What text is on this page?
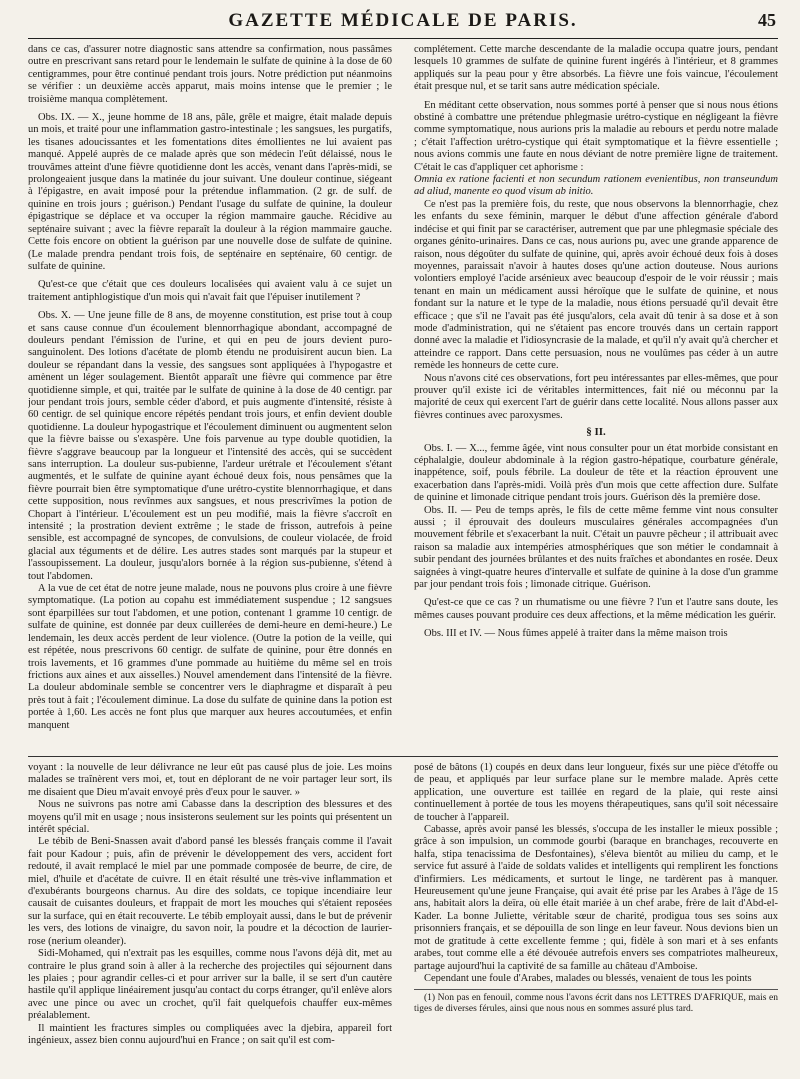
GAZETTE MÉDICALE DE PARIS.	45

dans ce cas, d'assurer notre diagnostic sans attendre sa confirmation, nous passâmes outre en prescrivant sans retard pour le lendemain le sulfate de quinine à la dose de 60 centigrammes, pour être continué pendant trois jours. Notre prédiction put néanmoins se vérifier : un deuxième accès apparut, mais moins intense que le premier ; le troisième manqua complètement.

Obs. IX. — X., jeune homme de 18 ans, pâle, grêle et maigre, était malade depuis un mois, et traité pour une inflammation gastro-intestinale ; les sangsues, les purgatifs, les tisanes adoucissantes et les fomentations dites émollientes ne lui avaient pas manqué. Appelé auprès de ce malade après que son médecin l'eût délaissé, nous le trouvâmes atteint d'une fièvre quotidienne dont les accès, venant dans l'après-midi, se prolongeaient jusque dans la matinée du jour suivant. Une douleur continue, siégeant à l'épigastre, en avait imposé pour la prétendue inflammation. (2 gr. de sulf. de quinine en trois jours ; guérison.) Pendant l'usage du sulfate de quinine, la douleur épigastrique se déplace et va occuper la région mammaire gauche. Récidive au septénaire suivant ; avec la fièvre reparaît la douleur à la région mammaire gauche. Cette fois encore on obtient la guérison par une nouvelle dose de sulfate de quinine. (Le malade prendra pendant trois fois, de septénaire en septénaire, 60 centigr. de sulfate de quinine.

Qu'est-ce que c'était que ces douleurs localisées qui avaient valu à ce sujet un traitement antiphlogistique d'un mois qui n'avait fait que l'épuiser inutilement ?

Obs. X. — Une jeune fille de 8 ans, de moyenne constitution, est prise tout à coup et sans cause connue d'un écoulement blennorrhagique abondant, accompagné de douleurs pendant l'émission de l'urine, et qui en peu de jours devient puro-sanguinolent. Des lotions d'acétate de plomb étendu ne produisirent aucun bien. La douleur se répandant dans la vessie, des sangsues sont appliquées à l'hypogastre et amènent un léger soulagement. Bientôt apparaît une fièvre qui commence par être quotidienne simple, et qui, traitée par le sulfate de quinine à la dose de 40 centigr. par jour pendant trois jours, semble céder d'abord, et puis augmente d'intensité, résiste à 60 centigr. de sel quinique encore répétés pendant trois jours, et enfin devient double quotidienne. La douleur hypogastrique et l'écoulement diminuent ou augmentent selon que la fièvre baisse ou s'exaspère. Une fois parvenue au type double quotidien, la fièvre s'aggrave beaucoup par la longueur et l'intensité des accès, qui se succèdent sans interruption. La douleur sus-pubienne, l'ardeur urétrale et l'écoulement s'étant augmentés, et le sulfate de quinine ayant échoué deux fois, nous pensâmes que la fièvre pourrait bien être symptomatique d'une urétro-cystite blennorrhagique, et dans cette supposition, nous revînmes aux sangsues, et nous prescrivîmes la potion de Chopart à l'intérieur. L'écoulement est un peu modifié, mais la fièvre s'accroît en intensité ; la prostration devient extrême ; le stade de frisson, autrefois à peine sensible, est accompagné de syncopes, de convulsions, de couleur violacée, de froid glacial aux téguments et de délire. Les autres stades sont marqués par la stupeur et l'assoupissement. La douleur, jusqu'alors bornée à la région sus-pubienne, s'étend à tout l'abdomen.

A la vue de cet état de notre jeune malade, nous ne pouvons plus croire à une fièvre symptomatique. (La potion au copahu est immédiatement suspendue ; 12 sangsues sont éparpillées sur tout l'abdomen, et une potion, contenant 1 gramme 10 centigr. de sulfate de quinine, est donnée par deux cuillerées de demi-heure en demi-heure.) Le lendemain, les deux accès perdent de leur violence. (Outre la potion de la veille, qui est répétée, nous prescrivons 60 centigr. de sulfate de quinine, pour être donnés en trois lavements, et 16 grammes d'une pommade au huitième du même sel en trois frictions aux aines et aux aisselles.) Nouvel amendement dans l'intensité de la fièvre. La douleur abdominale semble se concentrer vers le diaphragme et disparaît à peu près tout à fait ; l'écoulement diminue. La dose du sulfate de quinine dans la potion est portée à 1,60. Les accès ne font plus que marquer aux heures accoutumées, et enfin manquent

complétement. Cette marche descendante de la maladie occupa quatre jours, pendant lesquels 10 grammes de sulfate de quinine furent ingérés à l'intérieur, et 8 grammes appliqués sur la peau pour y être absorbés. La fièvre une fois vaincue, l'écoulement était presque nul, et se tarit sans autre médication spéciale.

En méditant cette observation, nous sommes porté à penser que si nous nous étions obstiné à combattre une prétendue phlegmasie urétro-cystique en négligeant la fièvre comme symptomatique, nous aurions pris la maladie au rebours et perdu notre malade ; c'était l'affection urétro-cystique qui était symptomatique et la fièvre essentielle ; nous avions commis une faute en nous déviant de notre première ligne de traitement. C'était le cas d'appliquer cet aphorisme :

Omnia ex ratione facienti et non secundum rationem evenientibus, non transeundum ad aliud, manente eo quod visum ab initio.

Ce n'est pas la première fois, du reste, que nous observons la blennorrhagie, chez les enfants du sexe féminin, marquer le début d'une affection générale d'abord indécise et qui finit par se caractériser, autrement que par une phlegmasie spéciale des organes génito-urinaires. Dans ce cas, nous aurions pu, avec une grande apparence de raison, nous dégoûter du sulfate de quinine, qui, après avoir échoué deux fois à doses moyennes, paraissait n'avoir à hautes doses qu'une action douteuse. Nous aurions volontiers employé l'acide arsénieux avec beaucoup d'espoir de le voir réussir ; mais tenant en main un médicament aussi héroïque que le sulfate de quinine, et nous fondant sur la nature et le type de la maladie, nous étions persuadé qu'il devait être efficace ; que s'il ne l'avait pas été jusqu'alors, cela avait dû tenir à sa dose et à son mode d'administration, qui ne s'étaient pas encore trouvés dans un certain rapport donné avec la maladie et l'idiosyncrasie de la malade, et qu'il n'y avait qu'à chercher et atteindre ce rapport. Dans cette persuasion, nous ne voulûmes pas céder à un autre remède les honneurs de cette cure.

Nous n'avons cité ces observations, fort peu intéressantes par elles-mêmes, que pour prouver qu'il existe ici de véritables intermittences, fait nié ou méconnu par la majorité de ceux qui exercent l'art de guérir dans cette localité. Nous allons passer aux fièvres continues avec paroxysmes.

§ II.

Obs. I. — X..., femme âgée, vint nous consulter pour un état morbide consistant en céphalalgie, douleur abdominale à la région gastro-hépatique, courbature générale, inappétence, soif, pouls fébrile. La douleur de tête et la réaction éprouvent une exacerbation dans l'après-midi. Voilà près d'un mois que cette affection dure. Sulfate de quinine et limonade citrique pendant trois jours. Guérison dès la première dose.

Obs. II. — Peu de temps après, le fils de cette même femme vint nous consulter aussi ; il éprouvait des douleurs musculaires générales accompagnées d'un mouvement fébrile et s'exacerbant la nuit. C'était un pauvre pêcheur ; il attribuait avec raison sa maladie aux intempéries atmosphériques que son métier le condamnait à subir pendant des journées brûlantes et des nuits fraîches et abondantes en rosée. Deux saignées à vingt-quatre heures d'intervalle et sulfate de quinine à la dose d'un gramme par jour pendant trois fois ; limonade citrique. Guérison.

Qu'est-ce que ce cas ? un rhumatisme ou une fièvre ? l'un et l'autre sans doute, les mêmes causes pouvant produire ces deux affections, et la même médication les guérir.

Obs. III et IV. — Nous fûmes appelé à traiter dans la même maison trois

voyant : la nouvelle de leur délivrance ne leur eût pas causé plus de joie. Les moins malades se traînèrent vers moi, et, tout en déplorant de ne voir partager leur sort, ils me disaient que Dieu m'avait envoyé près d'eux pour le sauver. »

Nous ne suivrons pas notre ami Cabasse dans la description des blessures et des moyens qu'il mit en usage ; nous insisterons seulement sur les points qui présentent un intérêt spécial.

Le tébib de Beni-Snassen avait d'abord pansé les blessés français comme il l'avait fait pour Kadour ; puis, afin de prévenir le développement des vers, accident fort redouté, il avait remplacé le miel par une pommade composée de beurre, de cire, de miel, d'huile et d'acétate de cuivre. Il en était résulté une très-vive inflammation et d'exubérants bourgeons charnus. Au dire des soldats, ce topique incendiaire leur causait de cuisantes douleurs, et frappait de mort les mouches qui s'étaient reposées sur la surface, qui en était recouverte. Le tébib employait aussi, dans le but de prévenir les vers, des lotions de vinaigre, du savon noir, la poudre et la décoction de laurier-rose (nerium oleander).

Sidi-Mohamed, qui n'extrait pas les esquilles, comme nous l'avons déjà dit, met au contraire le plus grand soin à aller à la recherche des projectiles qui séjournent dans les plaies ; pour agrandir celles-ci et pour arriver sur la balle, il se sert d'un cautère hastile qu'il applique linéairement jusqu'au contact du corps étranger, qu'il enlève alors avec une pince ou avec un crochet, qu'il fait quelquefois chauffer eux-mêmes préalablement.

Il maintient les fractures simples ou compliquées avec la djebira, appareil fort ingénieux, assez bien connu aujourd'hui en France ; on sait qu'il est com-

posé de bâtons (1) coupés en deux dans leur longueur, fixés sur une pièce d'étoffe ou de peau, et appliqués par leur surface plane sur le membre malade. Après cette application, une ouverture est taillée en regard de la plaie, qui reste ainsi continuellement à portée de tous les moyens thérapeutiques, sans qu'il soit nécessaire de toucher à l'appareil.

Cabasse, après avoir pansé les blessés, s'occupa de les installer le mieux possible ; grâce à son impulsion, un commode gourbi (baraque en branchages, recouverte en halfa, stipa tenacissima de Desfontaines), s'éleva bientôt au milieu du camp, et le service fut assuré à l'aide de soldats valides et intelligents qui remplirent les fonctions d'infirmiers. Les médicaments, et surtout le linge, ne tardèrent pas à manquer. Heureusement qu'une jeune Française, qui avait été prise par les Arabes à l'âge de 15 ans, habitait alors la deïra, où elle était mariée à un chef arabe, frère de lait d'Abd-el-Kader. La bonne Juliette, véritable sœur de charité, prodigua tous ses soins aux prisonniers français, et se dépouilla de son linge en leur faveur. Nous devions bien un mot de gratitude à cette excellente femme ; qui, fidèle à son mari et à ses enfants arabes, tout comme elle a été dévouée autrefois envers ses compatriotes malheureux, partage aujourd'hui la captivité de sa famille au château d'Amboise.

Cependant une foule d'Arabes, malades ou blessés, venaient de tous les points

(1) Non pas en fenouil, comme nous l'avons écrit dans nos LETTRES D'AFRIQUE, mais en tiges de diverses férules, ainsi que nous nous en sommes assuré plus tard.
